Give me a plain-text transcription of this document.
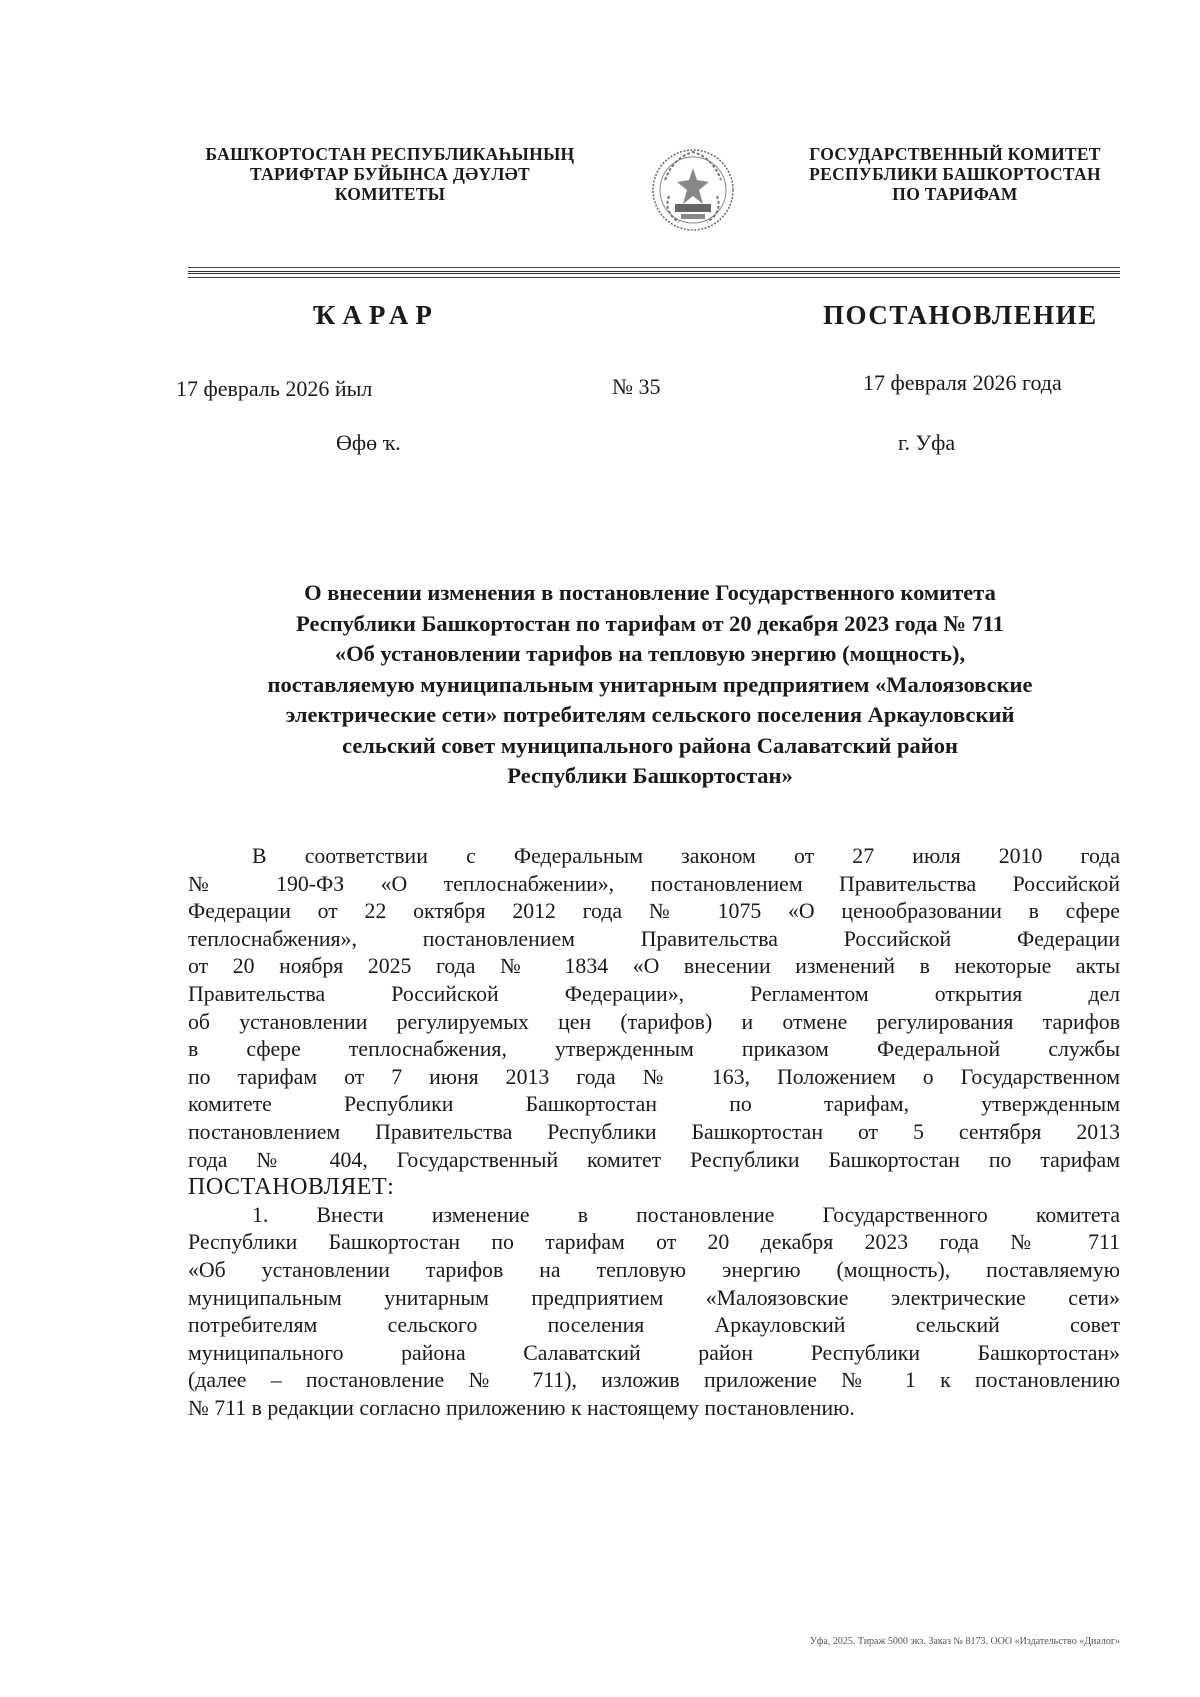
БАШҠОРТОСТАН РЕСПУБЛИКАҺЫНЫҢ
ТАРИФТАР БУЙЫНСА ДӘҮЛӘТ
КОМИТЕТЫ
ГОСУДАРСТВЕННЫЙ КОМИТЕТ
РЕСПУБЛИКИ БАШКОРТОСТАН
ПО ТАРИФАМ
ҠАРАР	ПОСТАНОВЛЕНИЕ
17 февраль 2026 йыл	№ 35	17 февраля 2026 года
Өфө ҡ.	г. Уфа
О внесении изменения в постановление Государственного комитета
Республики Башкортостан по тарифам от 20 декабря 2023 года № 711
«Об установлении тарифов на тепловую энергию (мощность),
поставляемую муниципальным унитарным предприятием «Малоязовские
электрические сети» потребителям сельского поселения Аркауловский
сельский совет муниципального района Салаватский район
Республики Башкортостан»
В соответствии с Федеральным законом от 27 июля 2010 года
№ 190-ФЗ «О теплоснабжении», постановлением Правительства Российской
Федерации от 22 октября 2012 года № 1075 «О ценообразовании в сфере
теплоснабжения», постановлением Правительства Российской Федерации
от 20 ноября 2025 года № 1834 «О внесении изменений в некоторые акты
Правительства Российской Федерации», Регламентом открытия дел
об установлении регулируемых цен (тарифов) и отмене регулирования тарифов
в сфере теплоснабжения, утвержденным приказом Федеральной службы
по тарифам от 7 июня 2013 года № 163, Положением о Государственном
комитете Республики Башкортостан по тарифам, утвержденным
постановлением Правительства Республики Башкортостан от 5 сентября 2013
года № 404, Государственный комитет Республики Башкортостан по тарифам
ПОСТАНОВЛЯЕТ:
1. Внести изменение в постановление Государственного комитета
Республики Башкортостан по тарифам от 20 декабря 2023 года № 711
«Об установлении тарифов на тепловую энергию (мощность), поставляемую
муниципальным унитарным предприятием «Малоязовские электрические сети»
потребителям сельского поселения Аркауловский сельский совет
муниципального района Салаватский район Республики Башкортостан»
(далее – постановление № 711), изложив приложение № 1 к постановлению
№ 711 в редакции согласно приложению к настоящему постановлению.
Уфа, 2025. Тираж 5000 экз. Заказ № 8173. ООО «Издательство «Диалог»
